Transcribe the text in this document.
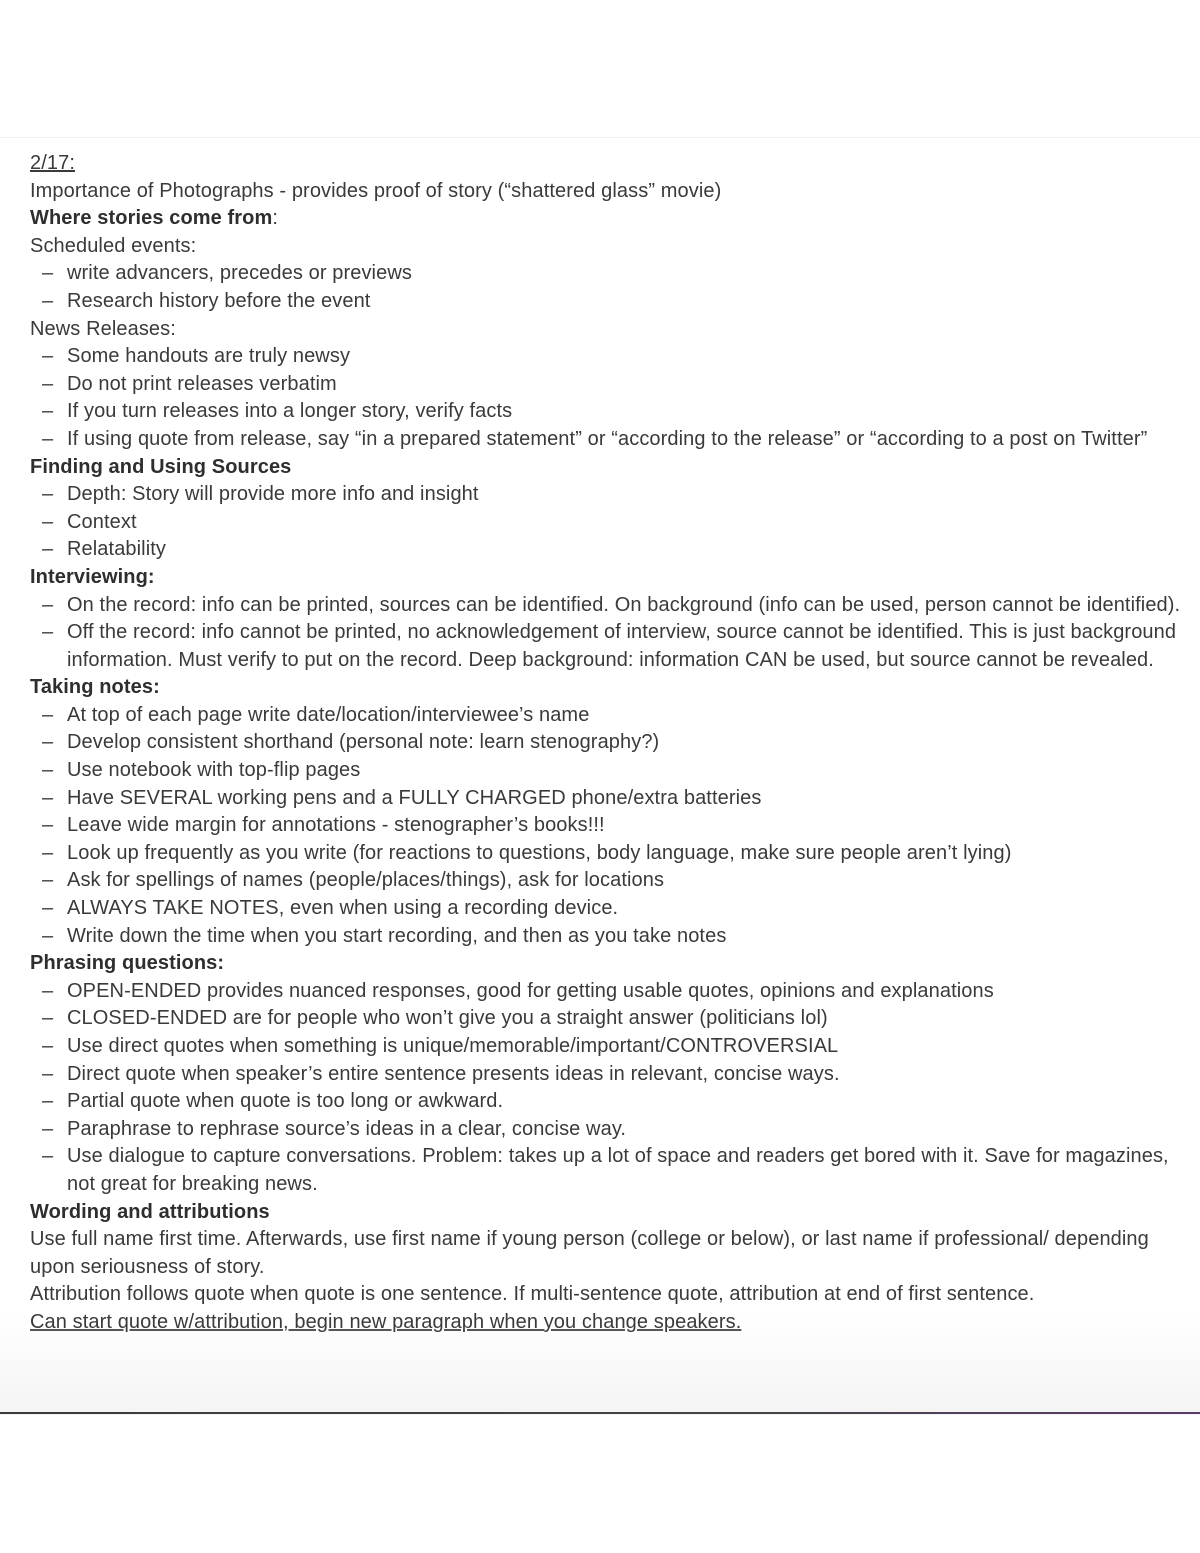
2/17:
Importance of Photographs - provides proof of story (“shattered glass” movie)
Where stories come from:
Scheduled events:
– write advancers, precedes or previews
– Research history before the event
News Releases:
– Some handouts are truly newsy
– Do not print releases verbatim
– If you turn releases into a longer story, verify facts
– If using quote from release, say “in a prepared statement” or “according to the release” or “according to a post on Twitter”
Finding and Using Sources
– Depth: Story will provide more info and insight
– Context
– Relatability
Interviewing:
– On the record: info can be printed, sources can be identified. On background (info can be used, person cannot be identified).
– Off the record: info cannot be printed, no acknowledgement of interview, source cannot be identified. This is just background information. Must verify to put on the record. Deep background: information CAN be used, but source cannot be revealed.
Taking notes:
– At top of each page write date/location/interviewee’s name
– Develop consistent shorthand (personal note: learn stenography?)
– Use notebook with top-flip pages
– Have SEVERAL working pens and a FULLY CHARGED phone/extra batteries
– Leave wide margin for annotations - stenographer’s books!!!
– Look up frequently as you write (for reactions to questions, body language, make sure people aren’t lying)
– Ask for spellings of names (people/places/things), ask for locations
– ALWAYS TAKE NOTES, even when using a recording device.
– Write down the time when you start recording, and then as you take notes
Phrasing questions:
– OPEN-ENDED provides nuanced responses, good for getting usable quotes, opinions and explanations
– CLOSED-ENDED are for people who won’t give you a straight answer (politicians lol)
– Use direct quotes when something is unique/memorable/important/CONTROVERSIAL
– Direct quote when speaker’s entire sentence presents ideas in relevant, concise ways.
– Partial quote when quote is too long or awkward.
– Paraphrase to rephrase source’s ideas in a clear, concise way.
– Use dialogue to capture conversations. Problem: takes up a lot of space and readers get bored with it. Save for magazines, not great for breaking news.
Wording and attributions

Use full name first time. Afterwards, use first name if young person (college or below), or last name if professional/ depending upon seriousness of story.

Attribution follows quote when quote is one sentence. If multi-sentence quote, attribution at end of first sentence.
Can start quote w/attribution, begin new paragraph when you change speakers.
